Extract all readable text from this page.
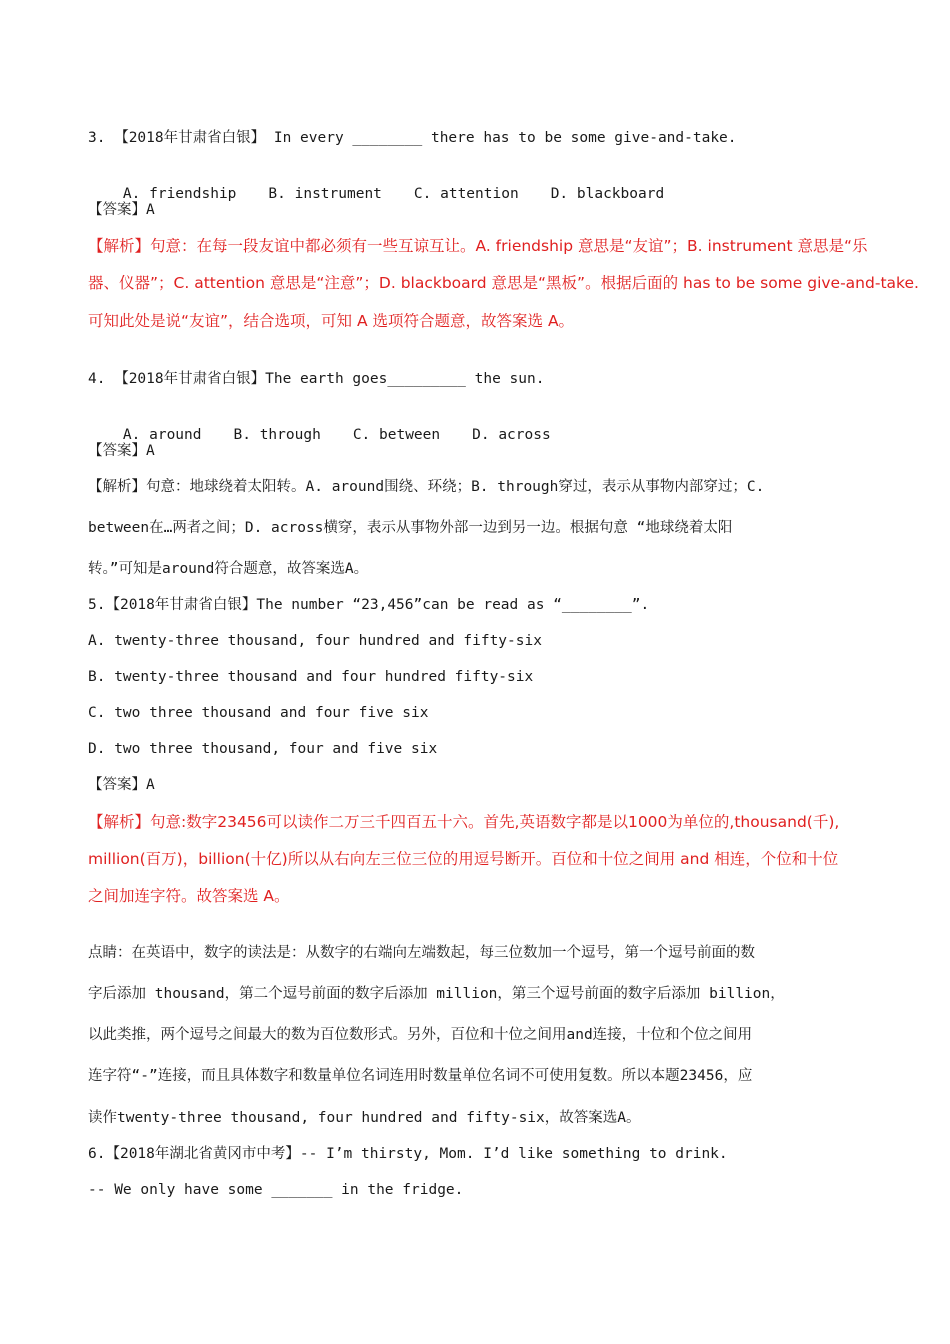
3. 【2018年甘肃省白银】 In every ________ there has to be some give-and-take.

A. friendship B. instrument C. attention D. blackboard

【答案】A
【解析】句意：在每一段友谊中都必须有一些互谅互让。A. friendship 意思是“友谊”；B. instrument 意思是“乐
器、仪器”；C. attention 意思是“注意”；D. blackboard 意思是“黑板”。根据后面的 has to be some give-and-take.
可知此处是说“友谊”，结合选项，可知 A 选项符合题意，故答案选 A。
4. 【2018年甘肃省白银】The earth goes_________ the sun.

A. around B. through C. between D. across

【答案】A
【解析】句意：地球绕着太阳转。A. around围绕、环绕；B. through穿过，表示从事物内部穿过；C.
between在…两者之间；D. across横穿，表示从事物外部一边到另一边。根据句意 “地球绕着太阳
转。”可知是around符合题意，故答案选A。
5.【2018年甘肃省白银】The number “23,456”can be read as “________”.
A. twenty-three thousand, four hundred and fifty-six
B. twenty-three thousand and four hundred fifty-six
C. two three thousand and four five six
D. two three thousand, four and five six
【答案】A
【解析】句意:数字23456可以读作二万三千四百五十六。首先,英语数字都是以1000为单位的,thousand(千),
million(百万)，billion(十亿)所以从右向左三位三位的用逗号断开。百位和十位之间用 and 相连，个位和十位
之间加连字符。故答案选 A。
点睛：在英语中，数字的读法是：从数字的右端向左端数起，每三位数加一个逗号，第一个逗号前面的数
字后添加 thousand，第二个逗号前面的数字后添加 million，第三个逗号前面的数字后添加 billion，
以此类推，两个逗号之间最大的数为百位数形式。另外，百位和十位之间用and连接，十位和个位之间用
连字符“-”连接，而且具体数字和数量单位名词连用时数量单位名词不可使用复数。所以本题23456，应
读作twenty-three thousand, four hundred and fifty-six，故答案选A。
6.【2018年湖北省黄冈市中考】-- I’m thirsty, Mom. I’d like something to drink.
-- We only have some _______ in the fridge.
